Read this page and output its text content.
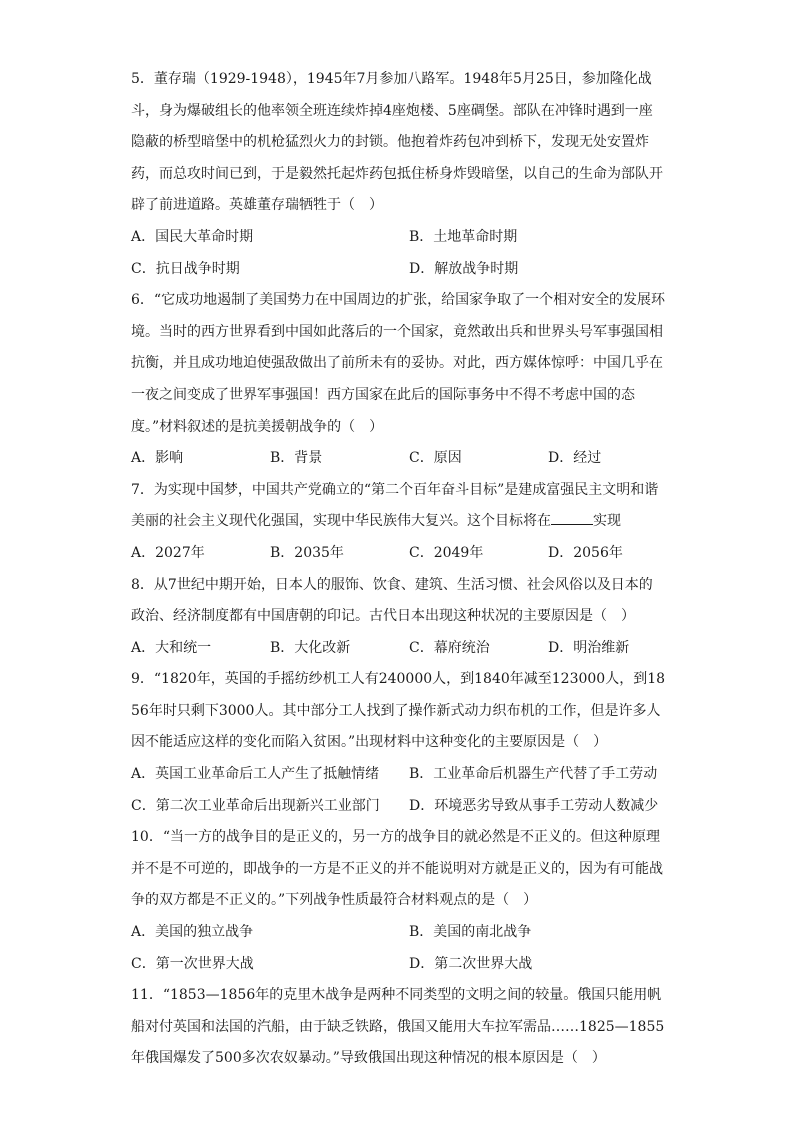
5．董存瑞（1929-1948），1945年7月参加八路军。1948年5月25日，参加隆化战斗，身为爆破组长的他率领全班连续炸掉4座炮楼、5座碉堡。部队在冲锋时遇到一座隐蔽的桥型暗堡中的机枪猛烈火力的封锁。他抱着炸药包冲到桥下，发现无处安置炸药，而总攻时间已到，于是毅然托起炸药包抵住桥身炸毁暗堡，以自己的生命为部队开辟了前进道路。英雄董存瑞牺牲于（　）

A．国民大革命时期	B．土地革命时期
C．抗日战争时期	D．解放战争时期

6．“它成功地遏制了美国势力在中国周边的扩张，给国家争取了一个相对安全的发展环境。当时的西方世界看到中国如此落后的一个国家，竟然敢出兵和世界头号军事强国相抗衡，并且成功地迫使强敌做出了前所未有的妥协。对此，西方媒体惊呼：中国几乎在一夜之间变成了世界军事强国！西方国家在此后的国际事务中不得不考虑中国的态度。”材料叙述的是抗美援朝战争的（　）

A．影响	B．背景	C．原因	D．经过

7．为实现中国梦，中国共产党确立的“第二个百年奋斗目标”是建成富强民主文明和谐美丽的社会主义现代化强国，实现中华民族伟大复兴。这个目标将在	实现

A．2027年	B．2035年	C．2049年	D．2056年

8．从7世纪中期开始，日本人的服饰、饮食、建筑、生活习惯、社会风俗以及日本的政治、经济制度都有中国唐朝的印记。古代日本出现这种状况的主要原因是（　）

A．大和统一	B．大化改新	C．幕府统治	D．明治维新

9．“1820年，英国的手摇纺纱机工人有240000人，到1840年减至123000人，到1856年时只剩下3000人。其中部分工人找到了操作新式动力织布机的工作，但是许多人因不能适应这样的变化而陷入贫困。”出现材料中这种变化的主要原因是（　）

A．英国工业革命后工人产生了抵触情绪	B．工业革命后机器生产代替了手工劳动
C．第二次工业革命后出现新兴工业部门	D．环境恶劣导致从事手工劳动人数减少

10．“当一方的战争目的是正义的，另一方的战争目的就必然是不正义的。但这种原理并不是不可逆的，即战争的一方是不正义的并不能说明对方就是正义的，因为有可能战争的双方都是不正义的。”下列战争性质最符合材料观点的是（　）

A．美国的独立战争	B．美国的南北战争
C．第一次世界大战	D．第二次世界大战

11．“1853—1856年的克里木战争是两种不同类型的文明之间的较量。俄国只能用帆船对付英国和法国的汽船，由于缺乏铁路，俄国又能用大车拉军需品……1825—1855年俄国爆发了500多次农奴暴动。”导致俄国出现这种情况的根本原因是（　）
